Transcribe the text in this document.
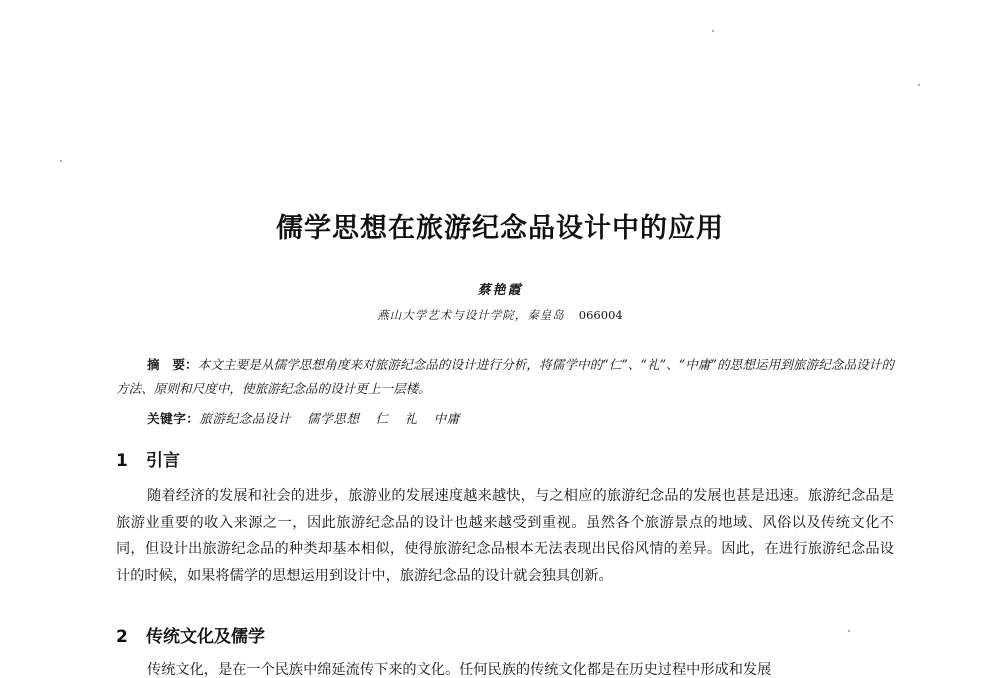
儒学思想在旅游纪念品设计中的应用
蔡艳霞
燕山大学艺术与设计学院，秦皇岛 066004
摘　要：本文主要是从儒学思想角度来对旅游纪念品的设计进行分析，将儒学中的“仁”、“礼”、“中庸”的思想运用到旅游纪念品设计的方法、原则和尺度中，使旅游纪念品的设计更上一层楼。
关键字：旅游纪念品设计 儒学思想 仁 礼 中庸
1 引言
随着经济的发展和社会的进步，旅游业的发展速度越来越快，与之相应的旅游纪念品的发展也甚是迅速。旅游纪念品是旅游业重要的收入来源之一，因此旅游纪念品的设计也越来越受到重视。虽然各个旅游景点的地域、风俗以及传统文化不同，但设计出旅游纪念品的种类却基本相似，使得旅游纪念品根本无法表现出民俗风情的差异。因此，在进行旅游纪念品设计的时候，如果将儒学的思想运用到设计中，旅游纪念品的设计就会独具创新。
2 传统文化及儒学
传统文化，是在一个民族中绵延流传下来的文化。任何民族的传统文化都是在历史过程中形成和发展
